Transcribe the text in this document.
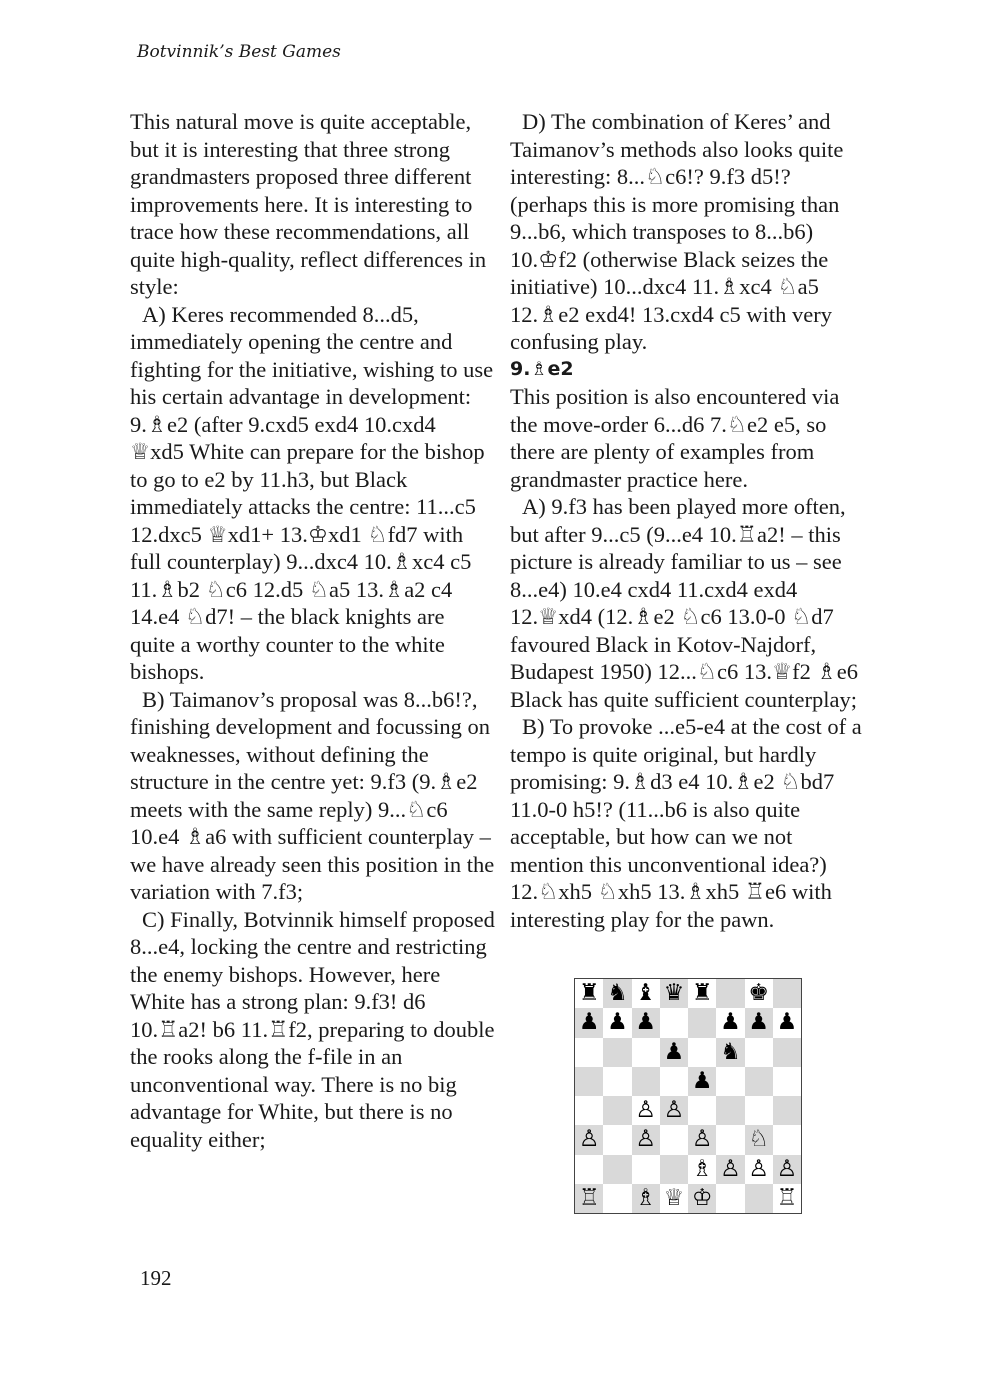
Botvinnik’s Best Games

This natural move is quite acceptable, but it is interesting that three strong grandmasters proposed three different improvements here. It is interesting to trace how these recommendations, all quite high-quality, reflect differences in style:

A) Keres recommended 8...d5, immediately opening the centre and fighting for the initiative, wishing to use his certain advantage in development: 9.♗e2 (after 9.cxd5 exd4 10.cxd4 ♕xd5 White can prepare for the bishop to go to e2 by 11.h3, but Black immediately attacks the centre: 11...c5 12.dxc5 ♕xd1+ 13.♔xd1 ♘fd7 with full counterplay) 9...dxc4 10.♗xc4 c5 11.♗b2 ♘c6 12.d5 ♘a5 13.♗a2 c4 14.e4 ♘d7! – the black knights are quite a worthy counter to the white bishops.

B) Taimanov’s proposal was 8...b6!?, finishing development and focussing on weaknesses, without defining the structure in the centre yet: 9.f3 (9.♗e2 meets with the same reply) 9...♘c6 10.e4 ♗a6 with sufficient counterplay – we have already seen this position in the variation with 7.f3;

C) Finally, Botvinnik himself proposed 8...e4, locking the centre and restricting the enemy bishops. However, here White has a strong plan: 9.f3! d6 10.♖a2! b6 11.♖f2, preparing to double the rooks along the f-file in an unconventional way. There is no big advantage for White, but there is no equality either;

D) The combination of Keres’ and Taimanov’s methods also looks quite interesting: 8...♘c6!? 9.f3 d5!? (perhaps this is more promising than 9...b6, which transposes to 8...b6) 10.♔f2 (otherwise Black seizes the initiative) 10...dxc4 11.♗xc4 ♘a5 12.♗e2 exd4! 13.cxd4 c5 with very confusing play.

9.♗e2

This position is also encountered via the move-order 6...d6 7.♘e2 e5, so there are plenty of examples from grandmaster practice here.

A) 9.f3 has been played more often, but after 9...c5 (9...e4 10.♖a2! – this picture is already familiar to us – see 8...e4) 10.e4 cxd4 11.cxd4 exd4 12.♕xd4 (12.♗e2 ♘c6 13.0-0 ♘d7 favoured Black in Kotov-Najdorf, Budapest 1950) 12...♘c6 13.♕f2 ♗e6 Black has quite sufficient counterplay;

B) To provoke ...e5-e4 at the cost of a tempo is quite original, but hardly promising: 9.♗d3 e4 10.♗e2 ♘bd7 11.0-0 h5!? (11...b6 is also quite acceptable, but how can we not mention this unconventional idea?) 12.♘xh5 ♘xh5 13.♗xh5 ♖e6 with interesting play for the pawn.

♜ ♞ ♝ ♛ ♜ ♚
♟ ♟ ♟	♟ ♟ ♟
♟ ♞
♟
♙ ♙
♙ ♙ ♙ ♘
♗ ♙ ♙ ♙
♖ ♗ ♕ ♔	♖
192
